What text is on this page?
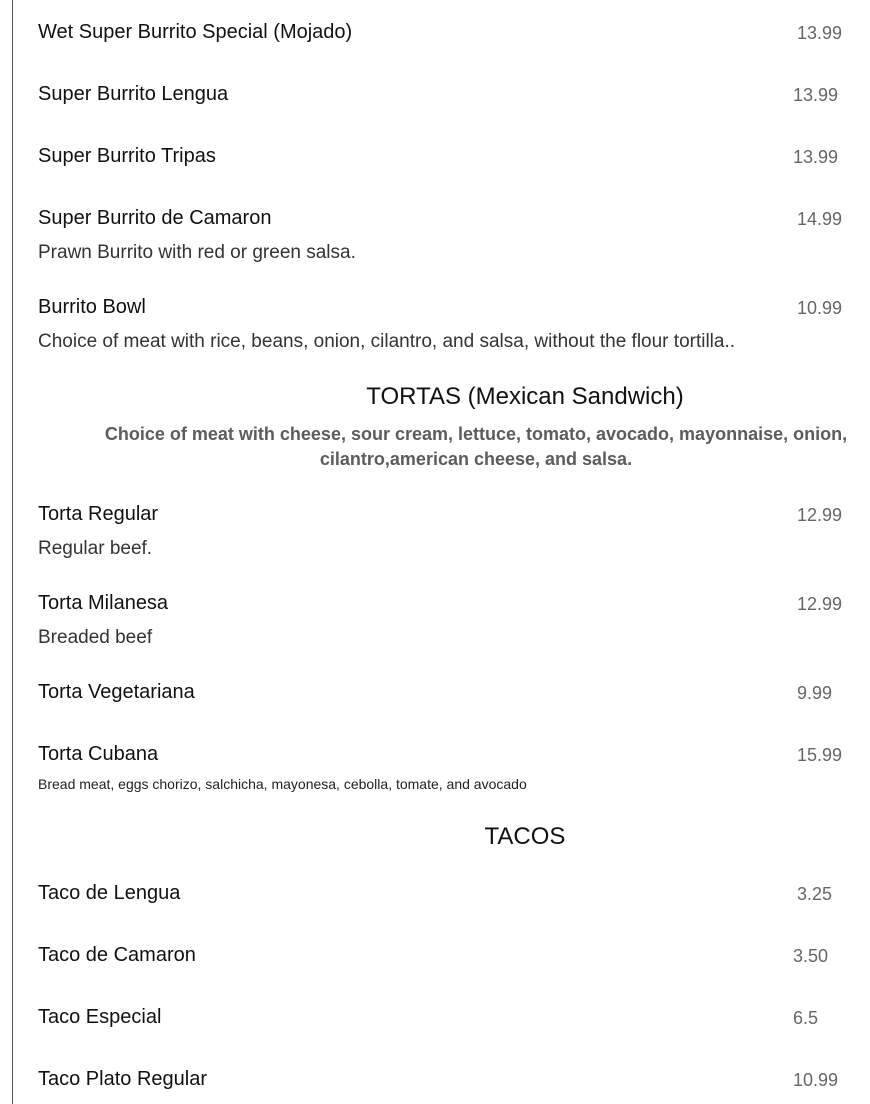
Wet Super Burrito Special (Mojado)	13.99
Super Burrito Lengua	13.99
Super Burrito Tripas	13.99
Super Burrito de Camaron	14.99
Prawn Burrito with red or green salsa.
Burrito Bowl	10.99
Choice of meat with rice, beans, onion, cilantro, and salsa, without the flour tortilla..
TORTAS (Mexican Sandwich)
Choice of meat with cheese, sour cream, lettuce, tomato, avocado, mayonnaise, onion, cilantro,american cheese, and salsa.
Torta Regular	12.99
Regular beef.
Torta Milanesa	12.99
Breaded beef
Torta Vegetariana	9.99
Torta Cubana	15.99
Bread meat, eggs chorizo, salchicha, mayonesa, cebolla, tomate, and avocado
TACOS
Taco de Lengua	3.25
Taco de Camaron	3.50
Taco Especial	6.5
Taco Plato Regular	10.99
